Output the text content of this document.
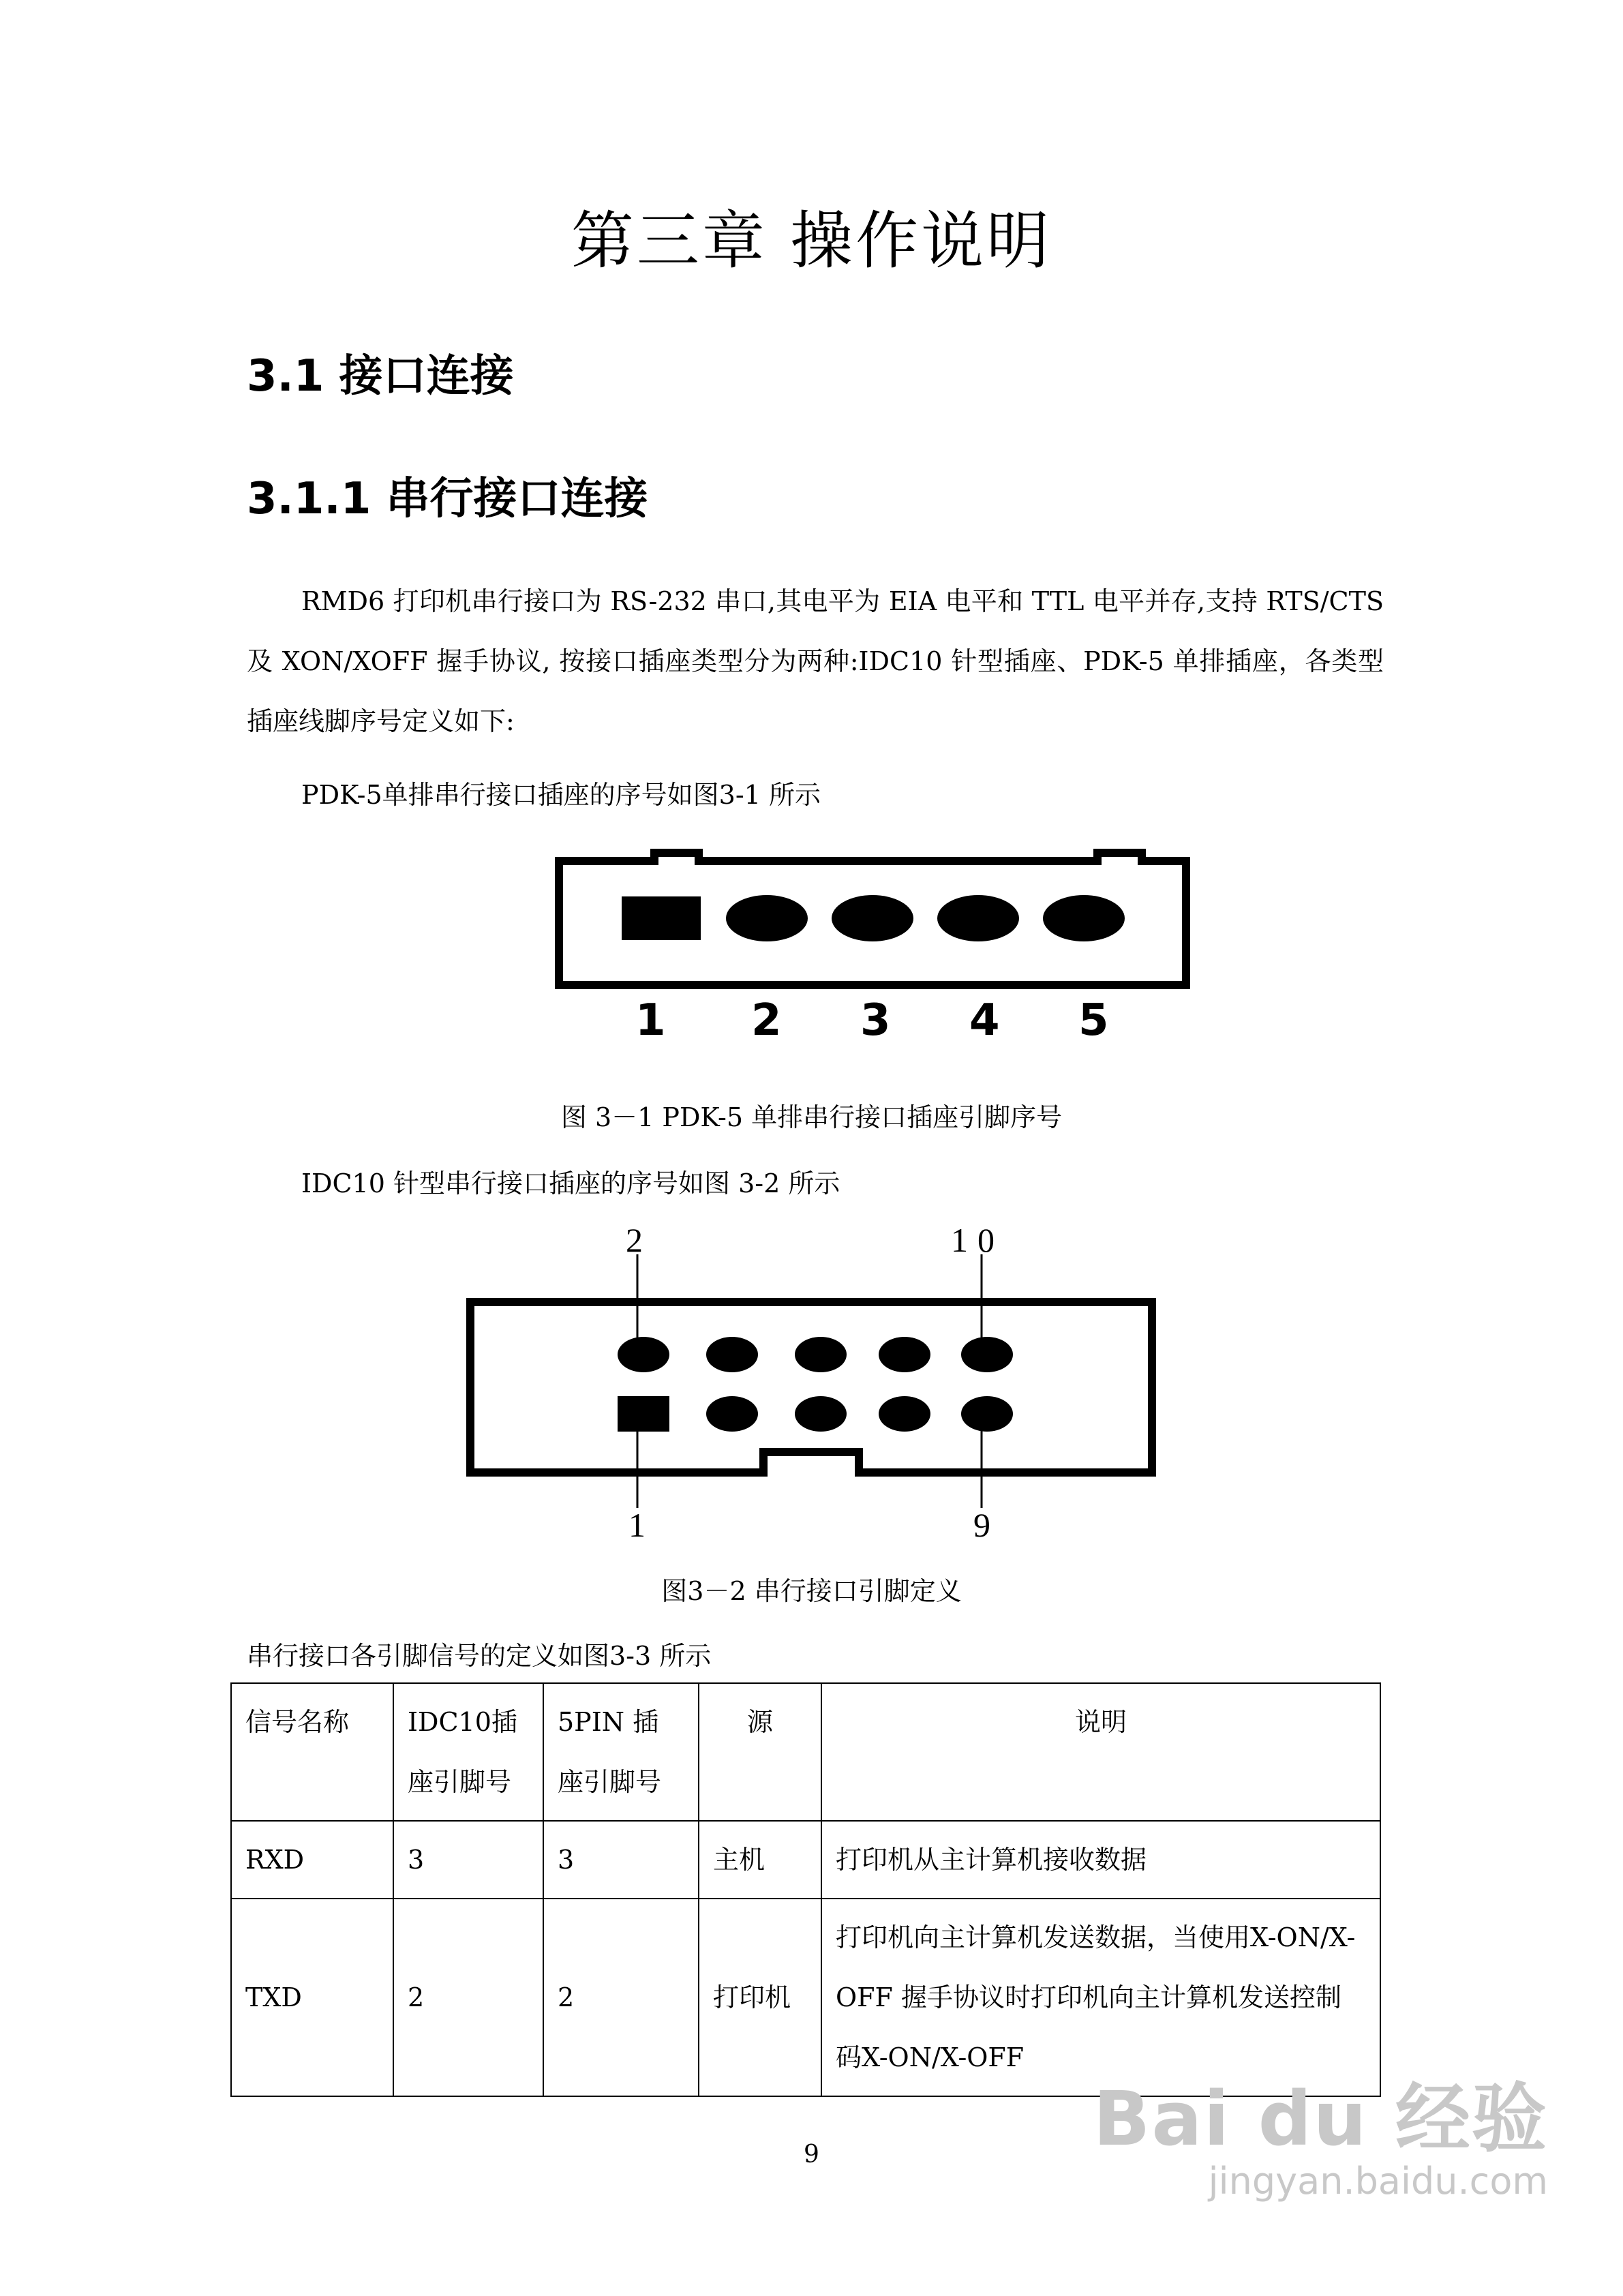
第三章 操作说明
3.1 接口连接
3.1.1 串行接口连接
RMD6 打印机串行接口为 RS-232 串口,其电平为 EIA 电平和 TTL 电平并存,支持 RTS/CTS 及 XON/XOFF 握手协议, 按接口插座类型分为两种:IDC10 针型插座、PDK-5 单排插座，各类型插座线脚序号定义如下:
PDK-5单排串行接口插座的序号如图3-1 所示
1 2 3 4 5
图 3－1 PDK-5 单排串行接口插座引脚序号
IDC10 针型串行接口插座的序号如图 3-2 所示
2	10
1	9
图3－2 串行接口引脚定义
串行接口各引脚信号的定义如图3-3 所示
信号名称	IDC10插座引脚号	5PIN 插座引脚号	源	说明
RXD	3	3	主机	打印机从主计算机接收数据
TXD	2	2	打印机	打印机向主计算机发送数据，当使用X-ON/X-OFF 握手协议时打印机向主计算机发送控制码X-ON/X-OFF
9	Bai du 经验
jingyan.baidu.com
